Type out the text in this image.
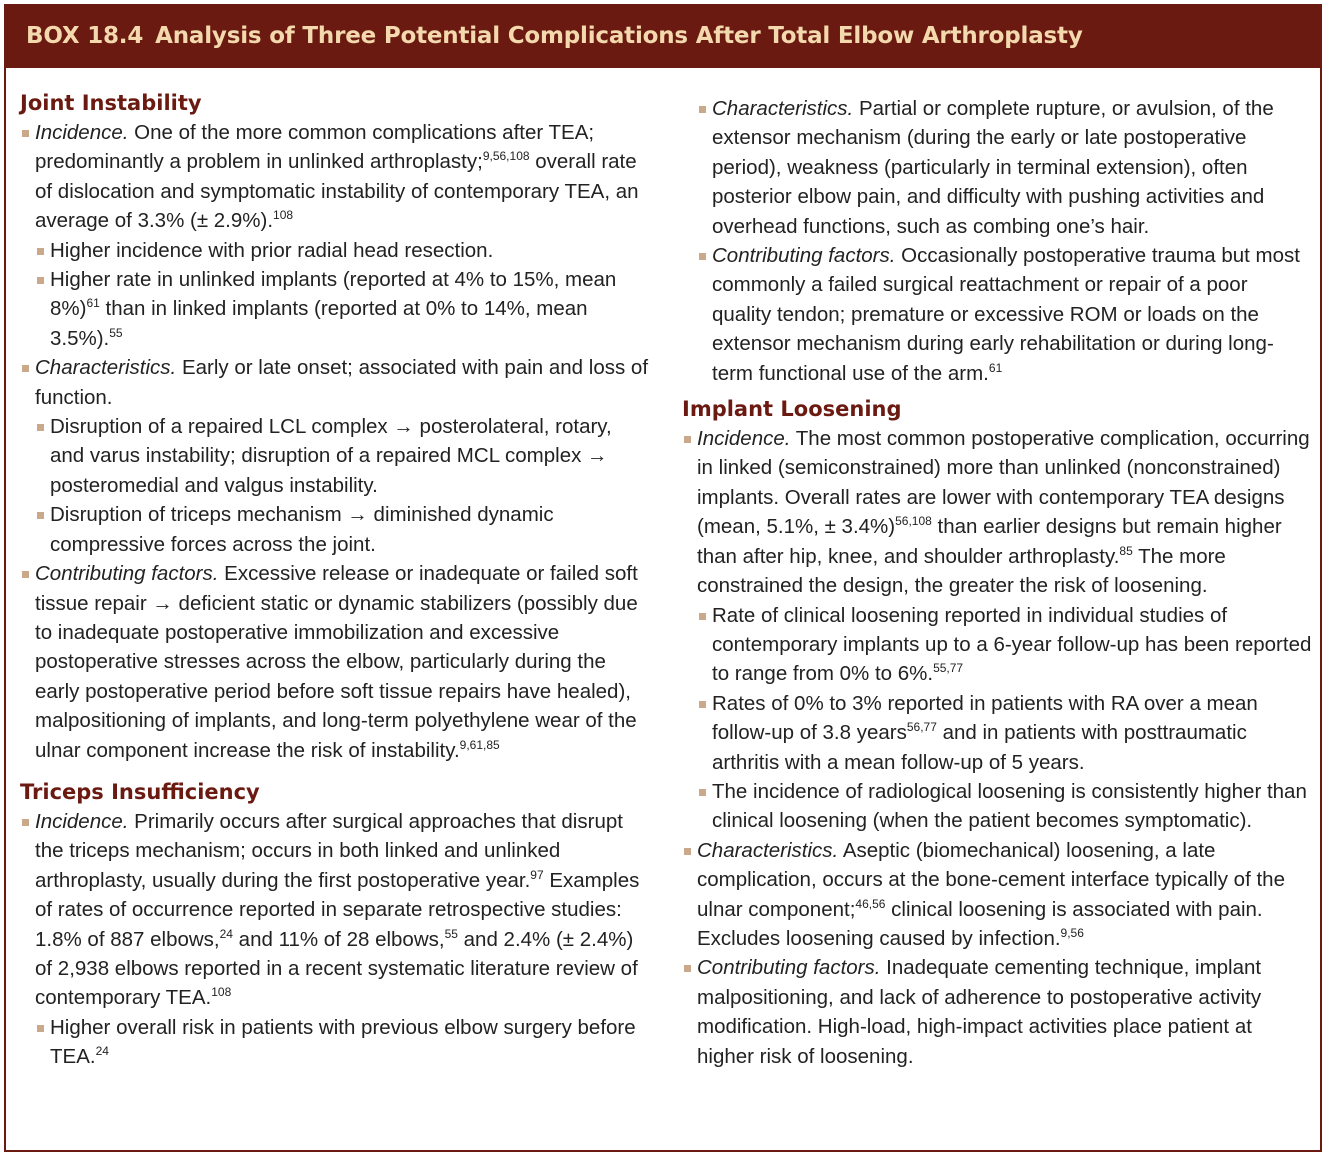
BOX 18.4 Analysis of Three Potential Complications After Total Elbow Arthroplasty
Joint Instability
Incidence. One of the more common complications after TEA; predominantly a problem in unlinked arthroplasty;$^{9,56,108}$ overall rate of dislocation and symptomatic instability of contemporary TEA, an average of 3.3% (± 2.9%).$^{108}$
Higher incidence with prior radial head resection.
Higher rate in unlinked implants (reported at 4% to 15%, mean 8%)$^{61}$ than in linked implants (reported at 0% to 14%, mean 3.5%).$^{55}$
Characteristics. Early or late onset; associated with pain and loss of function.
Disruption of a repaired LCL complex → posterolateral, rotary, and varus instability; disruption of a repaired MCL complex → posteromedial and valgus instability.
Disruption of triceps mechanism → diminished dynamic compressive forces across the joint.
Contributing factors. Excessive release or inadequate or failed soft tissue repair → deficient static or dynamic stabilizers (possibly due to inadequate postoperative immobilization and excessive postoperative stresses across the elbow, particularly during the early postoperative period before soft tissue repairs have healed), malpositioning of implants, and long-term polyethylene wear of the ulnar component increase the risk of instability.$^{9,61,85}$
Triceps Insufficiency
Incidence. Primarily occurs after surgical approaches that disrupt the triceps mechanism; occurs in both linked and unlinked arthroplasty, usually during the first postoperative year.$^{97}$ Examples of rates of occurrence reported in separate retrospective studies: 1.8% of 887 elbows,$^{24}$ and 11% of 28 elbows,$^{55}$ and 2.4% (± 2.4%) of 2,938 elbows reported in a recent systematic literature review of contemporary TEA.$^{108}$
Higher overall risk in patients with previous elbow surgery before TEA.$^{24}$
Characteristics. Partial or complete rupture, or avulsion, of the extensor mechanism (during the early or late postoperative period), weakness (particularly in terminal extension), often posterior elbow pain, and difficulty with pushing activities and overhead functions, such as combing one’s hair.
Contributing factors. Occasionally postoperative trauma but most commonly a failed surgical reattachment or repair of a poor quality tendon; premature or excessive ROM or loads on the extensor mechanism during early rehabilitation or during long-term functional use of the arm.$^{61}$
Implant Loosening
Incidence. The most common postoperative complication, occurring in linked (semiconstrained) more than unlinked (nonconstrained) implants. Overall rates are lower with contemporary TEA designs (mean, 5.1%, ± 3.4%)$^{56,108}$ than earlier designs but remain higher than after hip, knee, and shoulder arthroplasty.$^{85}$ The more constrained the design, the greater the risk of loosening.
Rate of clinical loosening reported in individual studies of contemporary implants up to a 6-year follow-up has been reported to range from 0% to 6%.$^{55,77}$
Rates of 0% to 3% reported in patients with RA over a mean follow-up of 3.8 years$^{56,77}$ and in patients with posttraumatic arthritis with a mean follow-up of 5 years.
The incidence of radiological loosening is consistently higher than clinical loosening (when the patient becomes symptomatic).
Characteristics. Aseptic (biomechanical) loosening, a late complication, occurs at the bone-cement interface typically of the ulnar component;$^{46,56}$ clinical loosening is associated with pain. Excludes loosening caused by infection.$^{9,56}$
Contributing factors. Inadequate cementing technique, implant malpositioning, and lack of adherence to postoperative activity modification. High-load, high-impact activities place patient at higher risk of loosening.
